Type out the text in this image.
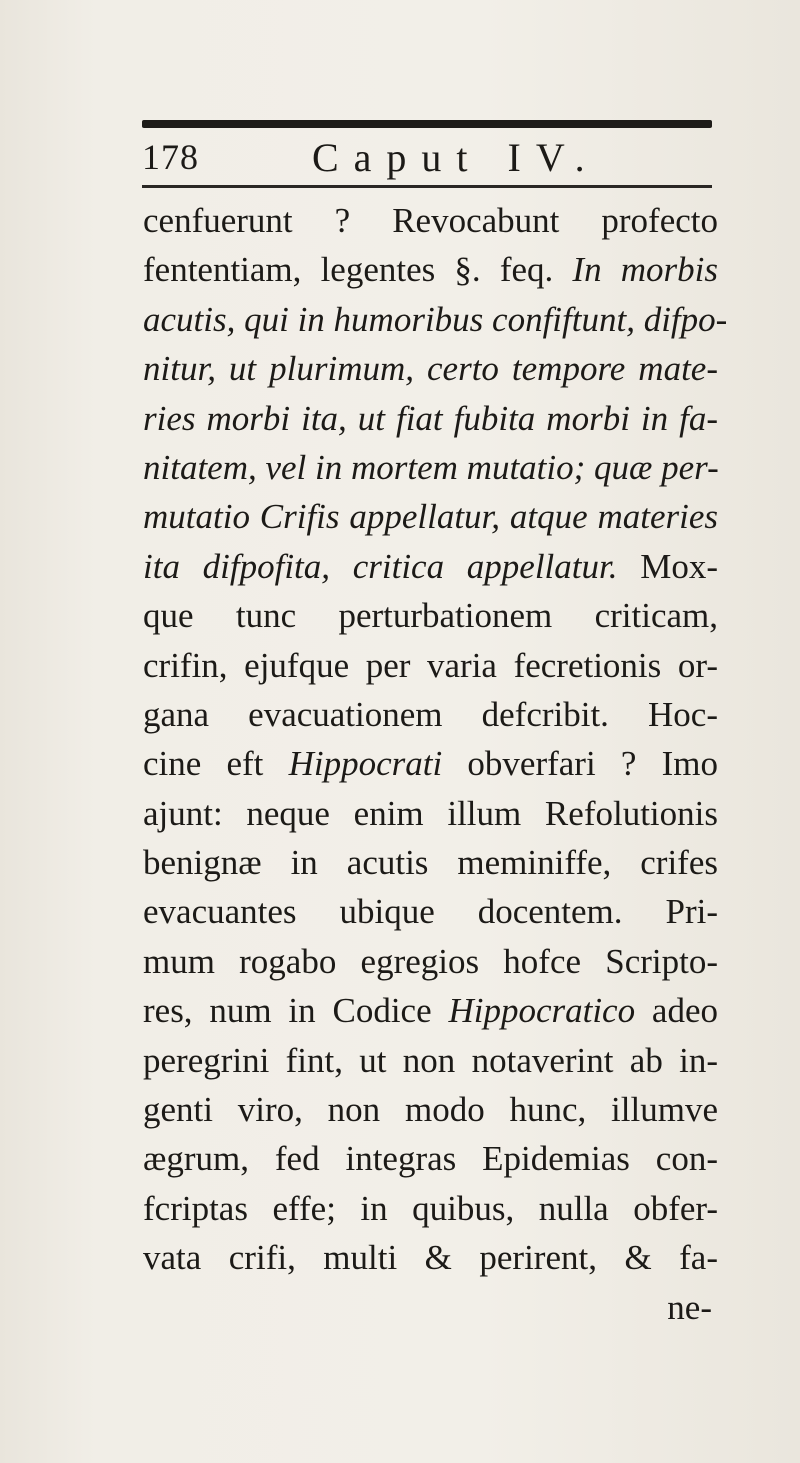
178	Caput IV.
cenfuerunt ? Revocabunt profecto
fententiam, legentes §. feq. In morbis
acutis, qui in humoribus confiftunt, difpo-
nitur, ut plurimum, certo tempore mate-
ries morbi ita, ut fiat fubita morbi in fa-
nitatem, vel in mortem mutatio; quæ per-
mutatio Crifis appellatur, atque materies
ita difpofita, critica appellatur. Mox-
que tunc perturbationem criticam,
crifin, ejufque per varia fecretionis or-
gana evacuationem defcribit. Hoc-
cine eft Hippocrati obverfari ? Imo
ajunt: neque enim illum Refolutionis
benignæ in acutis meminiffe, crifes
evacuantes ubique docentem. Pri-
mum rogabo egregios hofce Scripto-
res, num in Codice Hippocratico adeo
peregrini fint, ut non notaverint ab in-
genti viro, non modo hunc, illumve
ægrum, fed integras Epidemias con-
fcriptas effe; in quibus, nulla obfer-
vata crifi, multi & perirent, & fa-
ne-
